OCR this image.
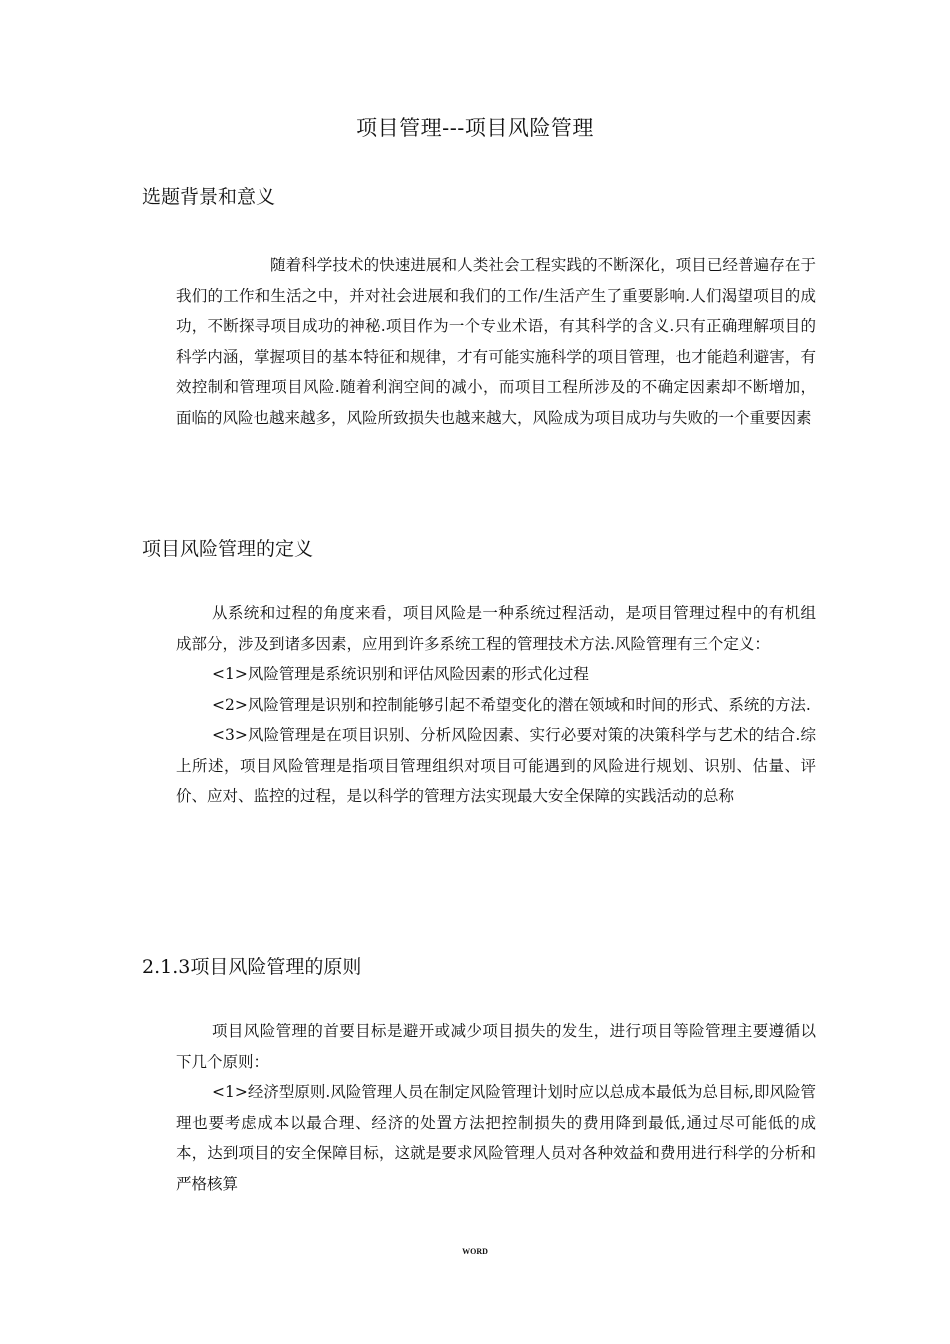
项目管理---项目风险管理
选题背景和意义

随着科学技术的快速进展和人类社会工程实践的不断深化，项目已经普遍存在于我们的工作和生活之中，并对社会进展和我们的工作/生活产生了重要影响.人们渴望项目的成功，不断探寻项目成功的神秘.项目作为一个专业术语，有其科学的含义.只有正确理解项目的科学内涵，掌握项目的基本特征和规律，才有可能实施科学的项目管理，也才能趋利避害，有效控制和管理项目风险.随着利润空间的减小，而项目工程所涉及的不确定因素却不断增加，面临的风险也越来越多，风险所致损失也越来越大，风险成为项目成功与失败的一个重要因素

项目风险管理的定义
从系统和过程的角度来看，项目风险是一种系统过程活动，是项目管理过程中的有机组成部分，涉及到诸多因素，应用到许多系统工程的管理技术方法.风险管理有三个定义：
<1>风险管理是系统识别和评估风险因素的形式化过程
<2>风险管理是识别和控制能够引起不希望变化的潜在领域和时间的形式、系统的方法.
<3>风险管理是在项目识别、分析风险因素、实行必要对策的决策科学与艺术的结合.综上所述，项目风险管理是指项目管理组织对项目可能遇到的风险进行规划、识别、估量、评价、应对、监控的过程，是以科学的管理方法实现最大安全保障的实践活动的总称
2.1.3项目风险管理的原则
项目风险管理的首要目标是避开或减少项目损失的发生，进行项目等险管理主要遵循以下几个原则：
<1>经济型原则.风险管理人员在制定风险管理计划时应以总成本最低为总目标,即风险管理也要考虑成本以最合理、经济的处置方法把控制损失的费用降到最低,通过尽可能低的成本，达到项目的安全保障目标，这就是要求风险管理人员对各种效益和费用进行科学的分析和严格核算
WORD
